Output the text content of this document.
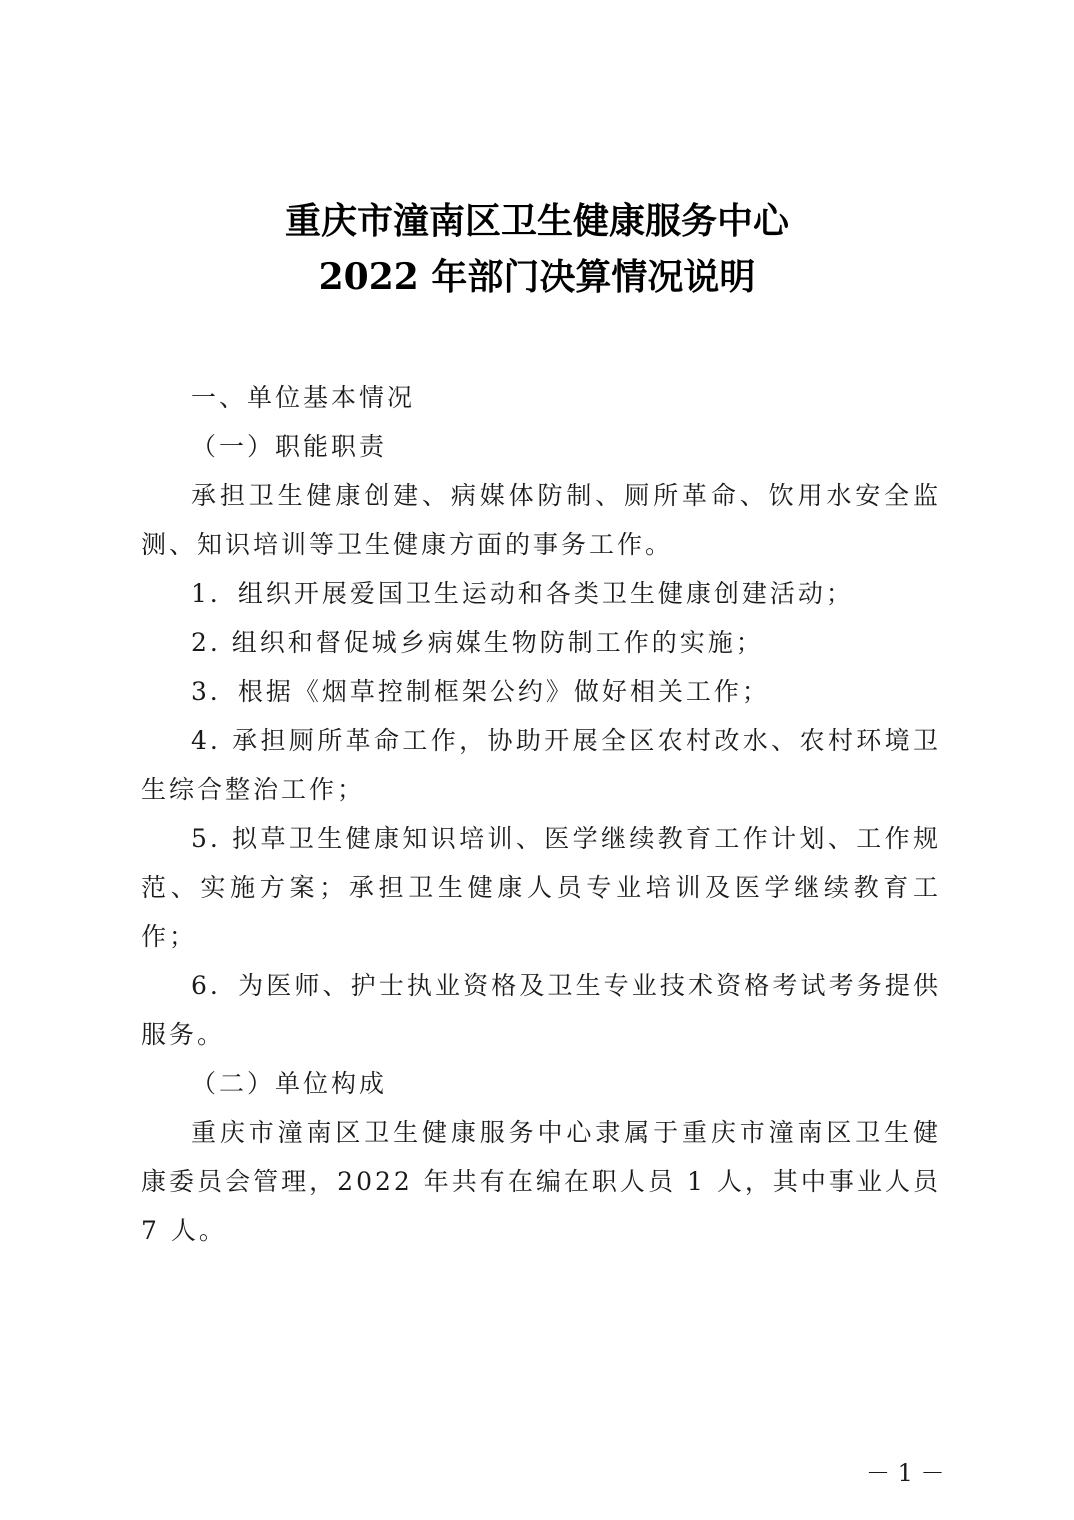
重庆市潼南区卫生健康服务中心
2022 年部门决算情况说明

一、单位基本情况

（一）职能职责

承担卫生健康创建、病媒体防制、厕所革命、饮用水安全监测、知识培训等卫生健康方面的事务工作。

1．组织开展爱国卫生运动和各类卫生健康创建活动；

2. 组织和督促城乡病媒生物防制工作的实施；

3．根据《烟草控制框架公约》做好相关工作；

4. 承担厕所革命工作，协助开展全区农村改水、农村环境卫生综合整治工作；

5. 拟草卫生健康知识培训、医学继续教育工作计划、工作规范、实施方案；承担卫生健康人员专业培训及医学继续教育工作；

6．为医师、护士执业资格及卫生专业技术资格考试考务提供服务。

（二）单位构成

重庆市潼南区卫生健康服务中心隶属于重庆市潼南区卫生健康委员会管理，2022 年共有在编在职人员 1 人，其中事业人员 7 人。

－ 1 －
